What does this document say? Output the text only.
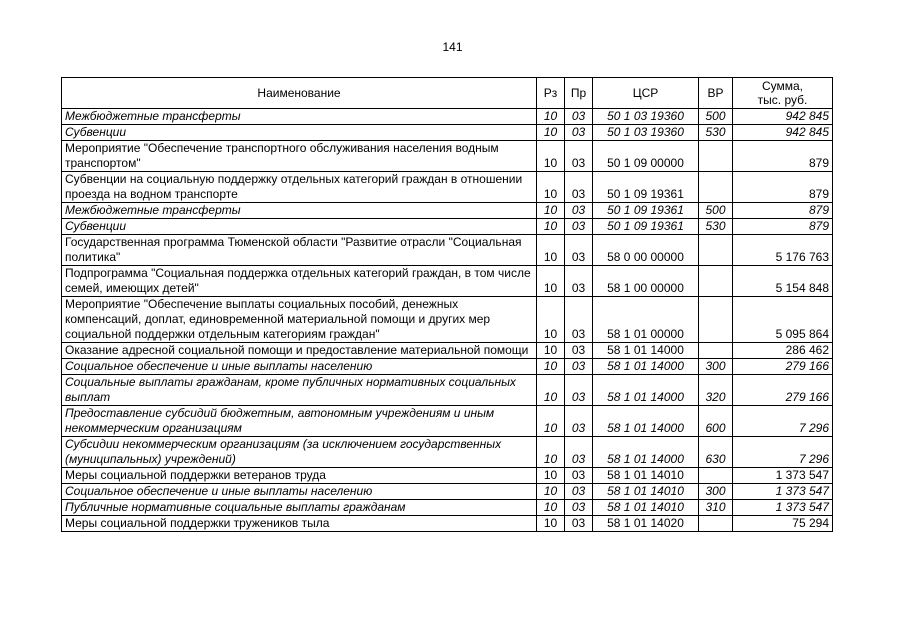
141
Наименование	Рз	Пр	ЦСР	ВР	Сумма,
тыс. руб.
Межбюджетные трансферты	10	03	50 1 03 19360	500	942 845
Субвенции	10	03	50 1 03 19360	530	942 845
Мероприятие "Обеспечение транспортного обслуживания населения водным транспортом"	10	03	50 1 09 00000		879
Субвенции на социальную поддержку отдельных категорий граждан в отношении проезда на водном транспорте	10	03	50 1 09 19361		879
Межбюджетные трансферты	10	03	50 1 09 19361	500	879
Субвенции	10	03	50 1 09 19361	530	879
Государственная программа Тюменской области "Развитие отрасли "Социальная политика"	10	03	58 0 00 00000		5 176 763
Подпрограмма "Социальная поддержка отдельных категорий граждан, в том числе семей, имеющих детей"	10	03	58 1 00 00000		5 154 848
Мероприятие "Обеспечение выплаты социальных пособий, денежных компенсаций, доплат, единовременной материальной помощи и других мер социальной поддержки отдельным категориям граждан"	10	03	58 1 01 00000		5 095 864
Оказание адресной социальной помощи и предоставление материальной помощи	10	03	58 1 01 14000		286 462
Социальное обеспечение и иные выплаты населению	10	03	58 1 01 14000	300	279 166
Социальные выплаты гражданам, кроме публичных нормативных социальных выплат	10	03	58 1 01 14000	320	279 166
Предоставление субсидий бюджетным, автономным учреждениям и иным некоммерческим организациям	10	03	58 1 01 14000	600	7 296
Субсидии некоммерческим организациям (за исключением государственных (муниципальных) учреждений)	10	03	58 1 01 14000	630	7 296
Меры социальной поддержки ветеранов труда	10	03	58 1 01 14010		1 373 547
Социальное обеспечение и иные выплаты населению	10	03	58 1 01 14010	300	1 373 547
Публичные нормативные социальные выплаты гражданам	10	03	58 1 01 14010	310	1 373 547
Меры социальной поддержки тружеников тыла	10	03	58 1 01 14020		75 294
